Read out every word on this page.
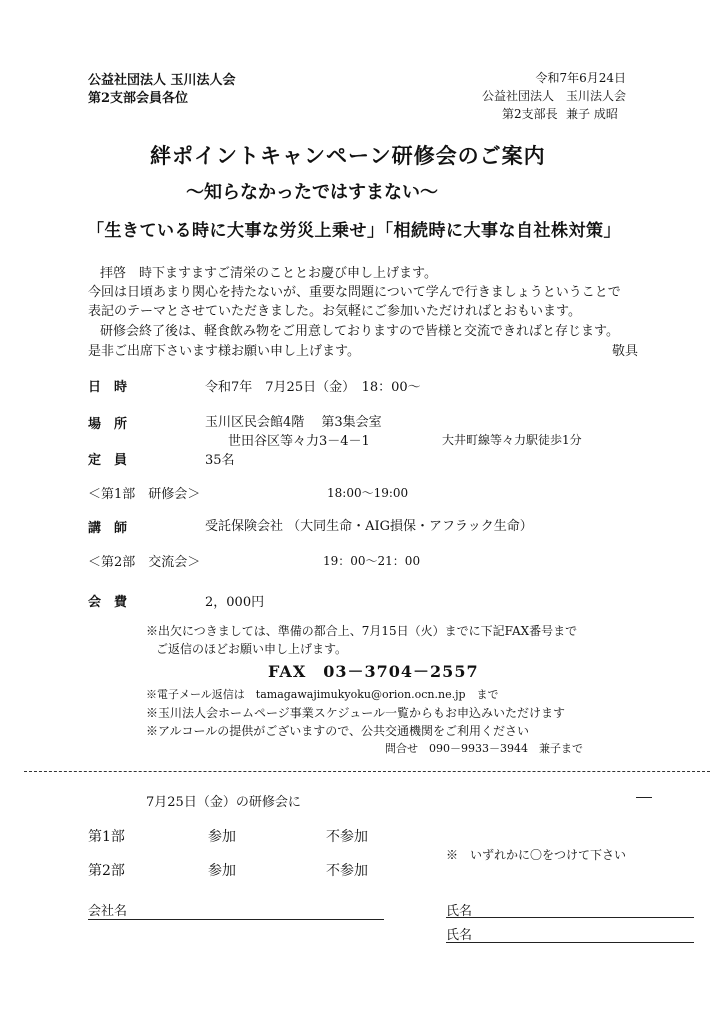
公益社団法人 玉川法人会
第2支部会員各位
令和7年6月24日
公益社団法人　玉川法人会
第2支部長 兼子 成昭
絆ポイントキャンペーン研修会のご案内
～知らなかったではすまない～
「生きている時に大事な労災上乗せ」「相続時に大事な自社株対策」
拝啓　時下ますますご清栄のこととお慶び申し上げます。
今回は日頃あまり関心を持たないが、重要な問題について学んで行きましょうということで
表記のテーマとさせていただきました。お気軽にご参加いただければとおもいます。
研修会終了後は、軽食飲み物をご用意しておりますので皆様と交流できればと存じます。
是非ご出席下さいます様お願い申し上げます。	敬具
日　時	令和7年　7月25日（金）　18：00～
場　所	玉川区民会館4階　 第3集会室
世田谷区等々力3－4－1	大井町線等々力駅徒歩1分
定　員	35名
＜第1部　研修会＞	18:00～19:00
講　師	受託保険会社 （大同生命・AIG損保・アフラック生命）
＜第2部　交流会＞	19：00～21：00
会　費	2，000円
※出欠につきましては、準備の都合上、7月15日（火）までに下記FAX番号まで
ご返信のほどお願い申し上げます。
FAX　03－3704－2557
※電子メール返信は　tamagawajimukyoku@orion.ocn.ne.jp　まで
※玉川法人会ホームページ事業スケジュール一覧からもお申込みいただけます
※アルコールの提供がございますので、公共交通機関をご利用ください
問合せ　090－9933－3944　兼子まで
7月25日（金）の研修会に
第1部	参加	不参加
※　いずれかに〇をつけて下さい
第2部	参加	不参加
会社名	氏名
氏名
